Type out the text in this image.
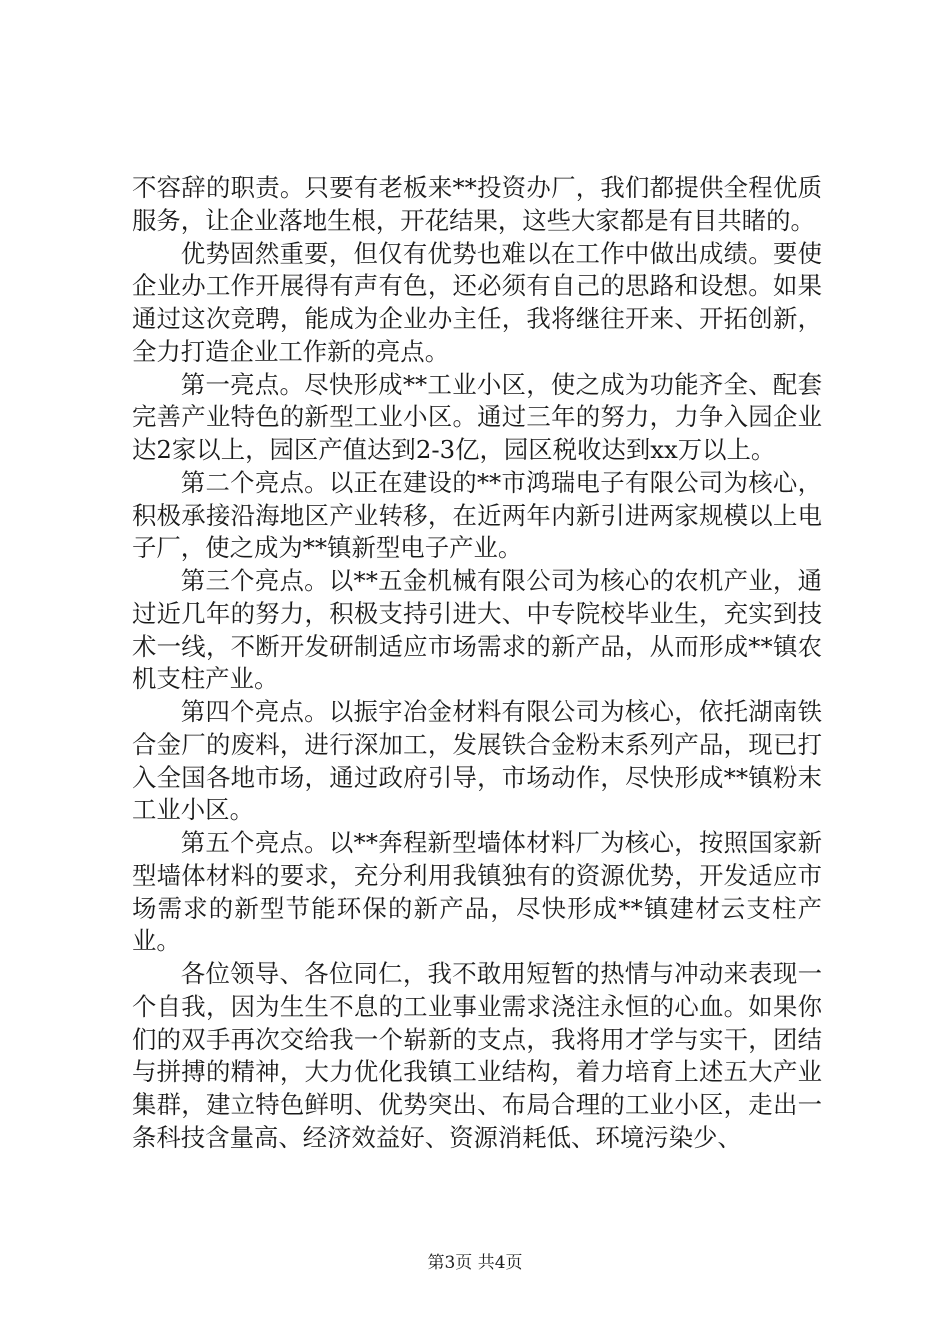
不容辞的职责。只要有老板来**投资办厂，我们都提供全程优质服务，让企业落地生根，开花结果，这些大家都是有目共睹的。

优势固然重要，但仅有优势也难以在工作中做出成绩。要使企业办工作开展得有声有色，还必须有自己的思路和设想。如果通过这次竞聘，能成为企业办主任，我将继往开来、开拓创新，全力打造企业工作新的亮点。

第一亮点。尽快形成**工业小区，使之成为功能齐全、配套完善产业特色的新型工业小区。通过三年的努力，力争入园企业达2家以上，园区产值达到2-3亿，园区税收达到xx万以上。

第二个亮点。以正在建设的**市鸿瑞电子有限公司为核心，积极承接沿海地区产业转移，在近两年内新引进两家规模以上电子厂，使之成为**镇新型电子产业。

第三个亮点。以**五金机械有限公司为核心的农机产业，通过近几年的努力，积极支持引进大、中专院校毕业生，充实到技术一线，不断开发研制适应市场需求的新产品，从而形成**镇农机支柱产业。

第四个亮点。以振宇冶金材料有限公司为核心，依托湖南铁合金厂的废料，进行深加工，发展铁合金粉末系列产品，现已打入全国各地市场，通过政府引导，市场动作，尽快形成**镇粉末工业小区。

第五个亮点。以**奔程新型墙体材料厂为核心，按照国家新型墙体材料的要求，充分利用我镇独有的资源优势，开发适应市场需求的新型节能环保的新产品，尽快形成**镇建材云支柱产业。

各位领导、各位同仁，我不敢用短暂的热情与冲动来表现一个自我，因为生生不息的工业事业需求浇注永恒的心血。如果你们的双手再次交给我一个崭新的支点，我将用才学与实干，团结与拼搏的精神，大力优化我镇工业结构，着力培育上述五大产业集群，建立特色鲜明、优势突出、布局合理的工业小区，走出一条科技含量高、经济效益好、资源消耗低、环境污染少、

第3页 共4页
